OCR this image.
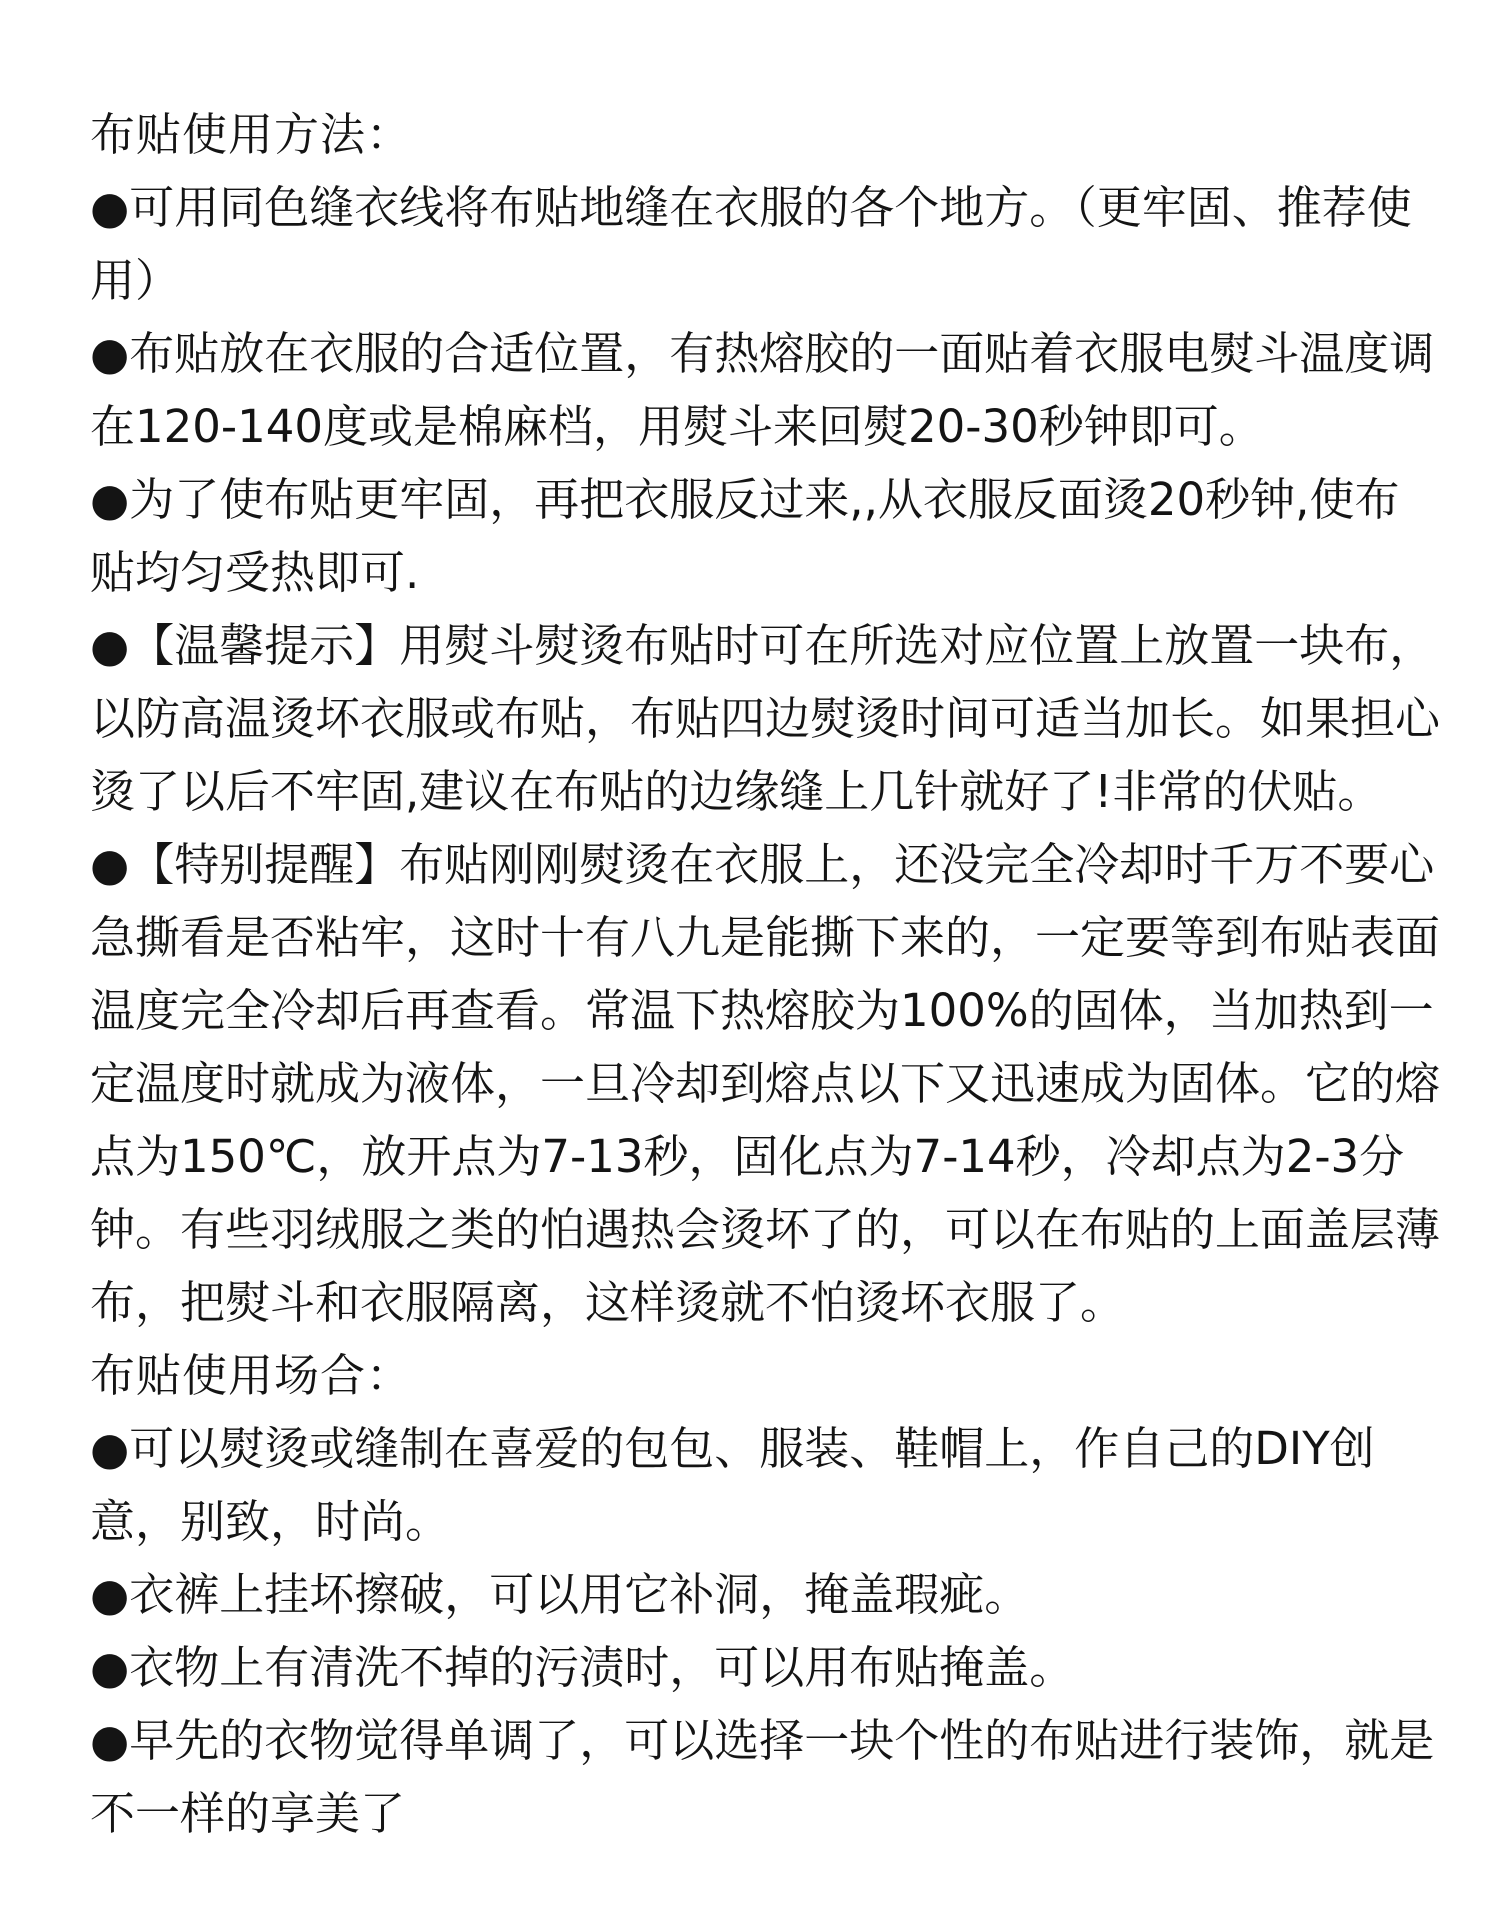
布贴使用方法：

●可用同色缝衣线将布贴地缝在衣服的各个地方。（更牢固、推荐使用）

●布贴放在衣服的合适位置，有热熔胶的一面贴着衣服电熨斗温度调在120-140度或是棉麻档，用熨斗来回熨20-30秒钟即可。

●为了使布贴更牢固，再把衣服反过来,,从衣服反面烫20秒钟,使布贴均匀受热即可.

●【温馨提示】用熨斗熨烫布贴时可在所选对应位置上放置一块布，以防高温烫坏衣服或布贴，布贴四边熨烫时间可适当加长。如果担心烫了以后不牢固,建议在布贴的边缘缝上几针就好了!非常的伏贴。

●【特别提醒】布贴刚刚熨烫在衣服上，还没完全冷却时千万不要心急撕看是否粘牢，这时十有八九是能撕下来的，一定要等到布贴表面温度完全冷却后再查看。常温下热熔胶为100%的固体，当加热到一定温度时就成为液体，一旦冷却到熔点以下又迅速成为固体。它的熔点为150℃，放开点为7-13秒，固化点为7-14秒，冷却点为2-3分钟。有些羽绒服之类的怕遇热会烫坏了的，可以在布贴的上面盖层薄布，把熨斗和衣服隔离，这样烫就不怕烫坏衣服了。

布贴使用场合：

●可以熨烫或缝制在喜爱的包包、服装、鞋帽上，作自己的DIY创意，别致，时尚。

●衣裤上挂坏擦破，可以用它补洞，掩盖瑕疵。

●衣物上有清洗不掉的污渍时，可以用布贴掩盖。

●早先的衣物觉得单调了，可以选择一块个性的布贴进行装饰，就是不一样的享美了
